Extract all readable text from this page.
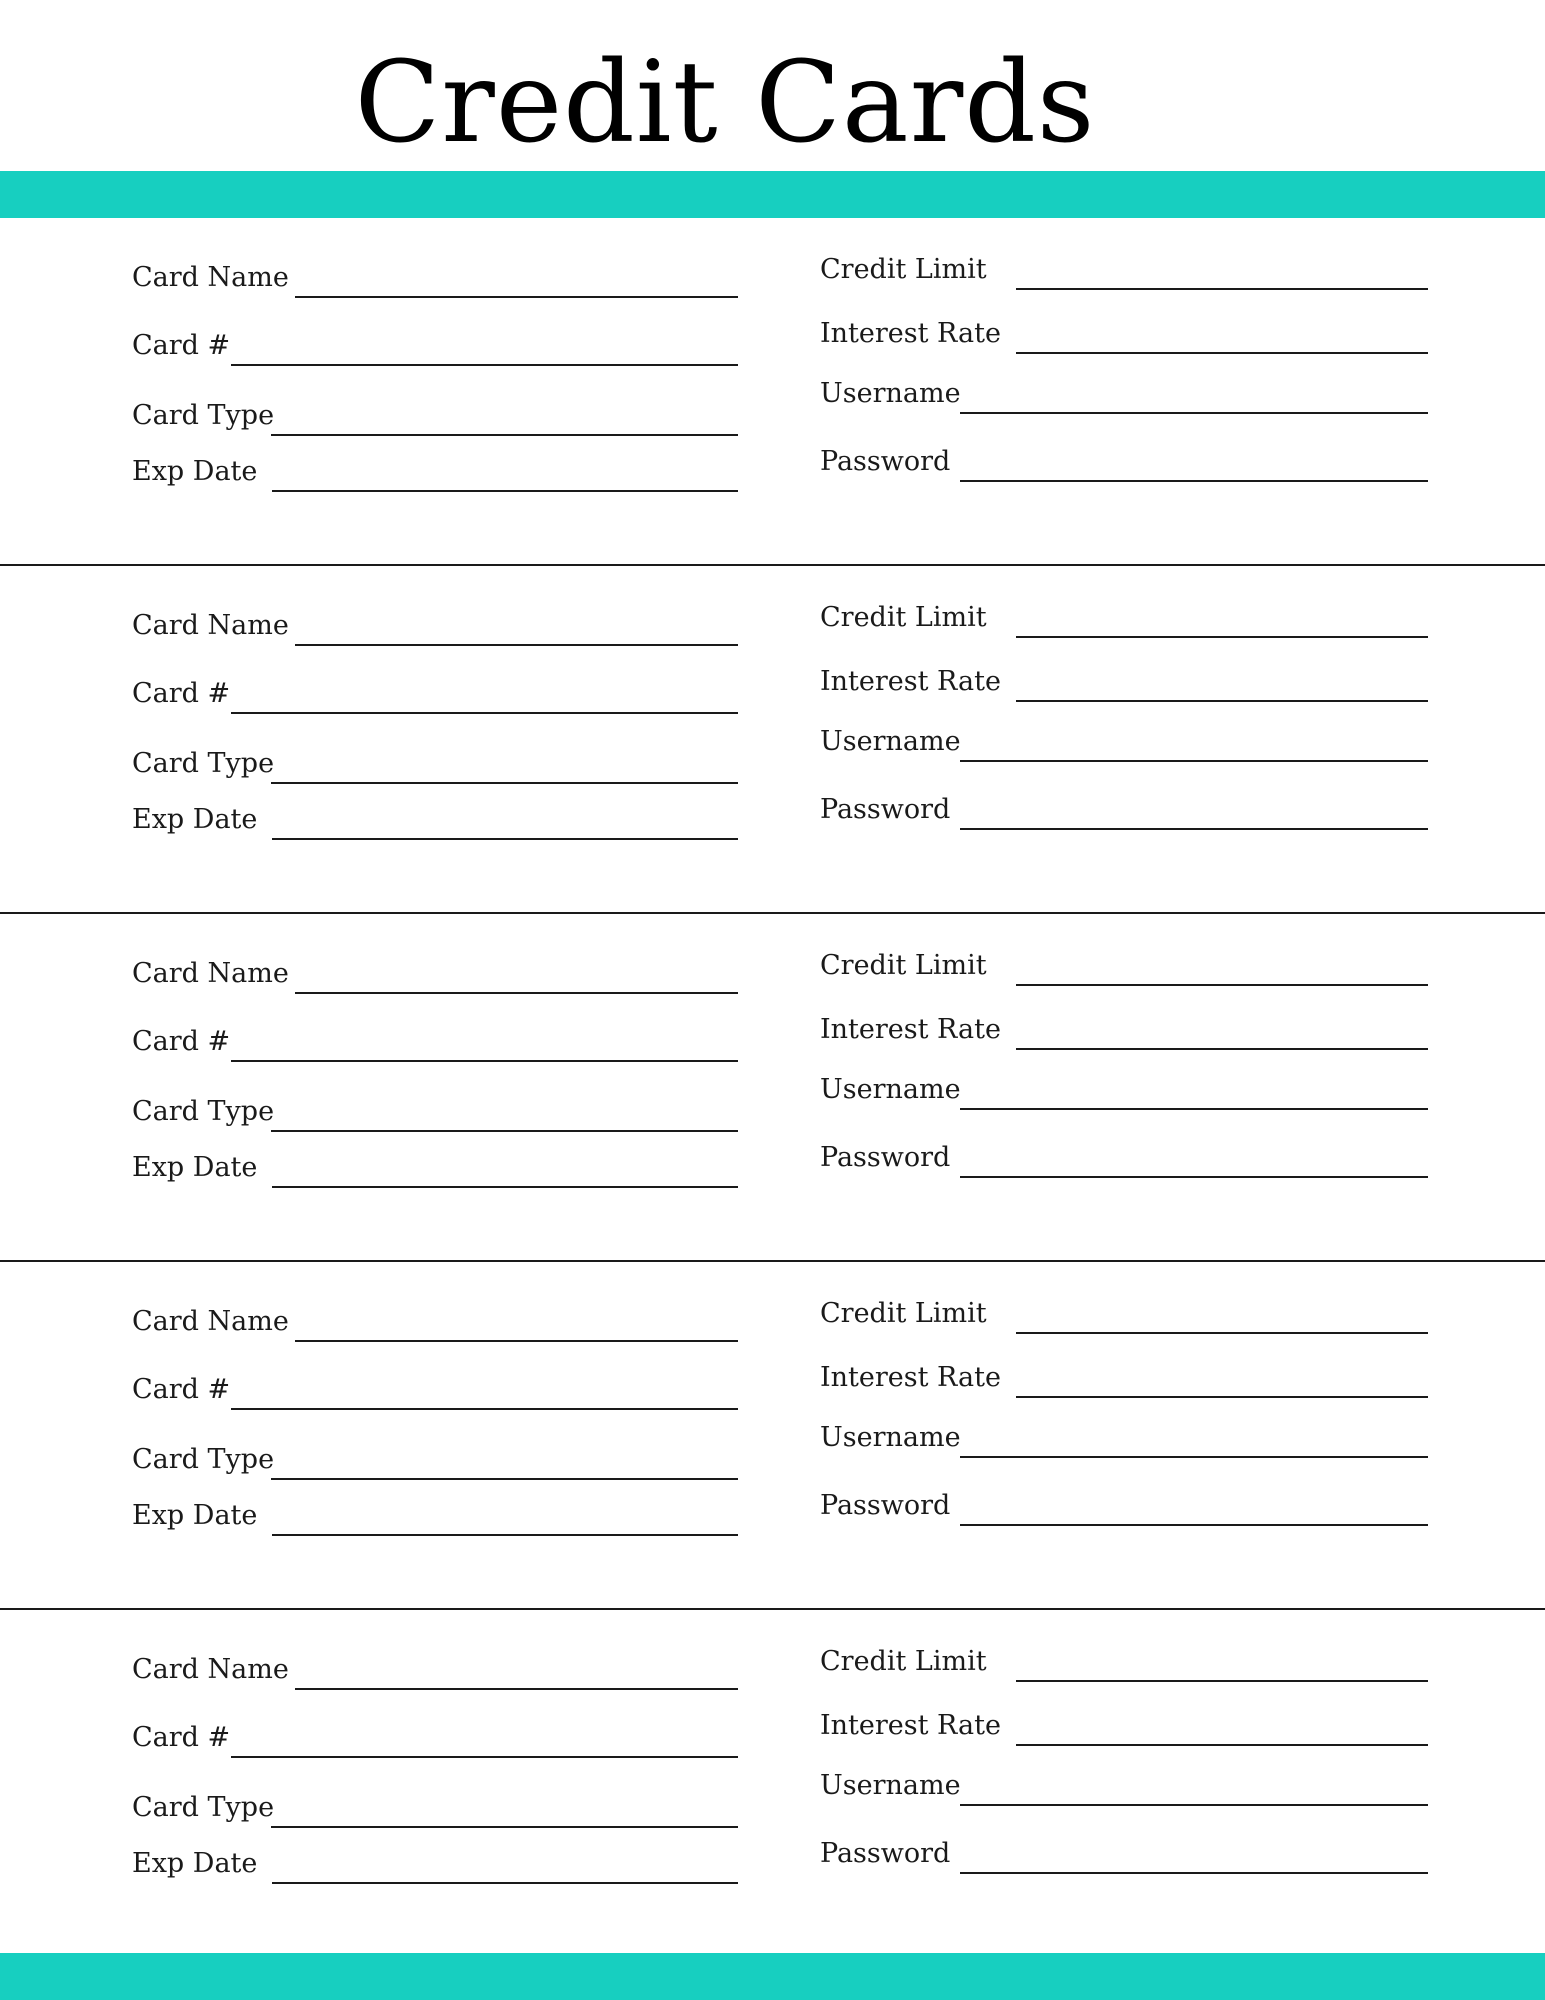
Credit Cards
Card Name
Card #
Card Type
Exp Date
Credit Limit
Interest Rate
Username
Password
Card Name
Card #
Card Type
Exp Date
Credit Limit
Interest Rate
Username
Password
Card Name
Card #
Card Type
Exp Date
Credit Limit
Interest Rate
Username
Password
Card Name
Card #
Card Type
Exp Date
Credit Limit
Interest Rate
Username
Password
Card Name
Card #
Card Type
Exp Date
Credit Limit
Interest Rate
Username
Password
